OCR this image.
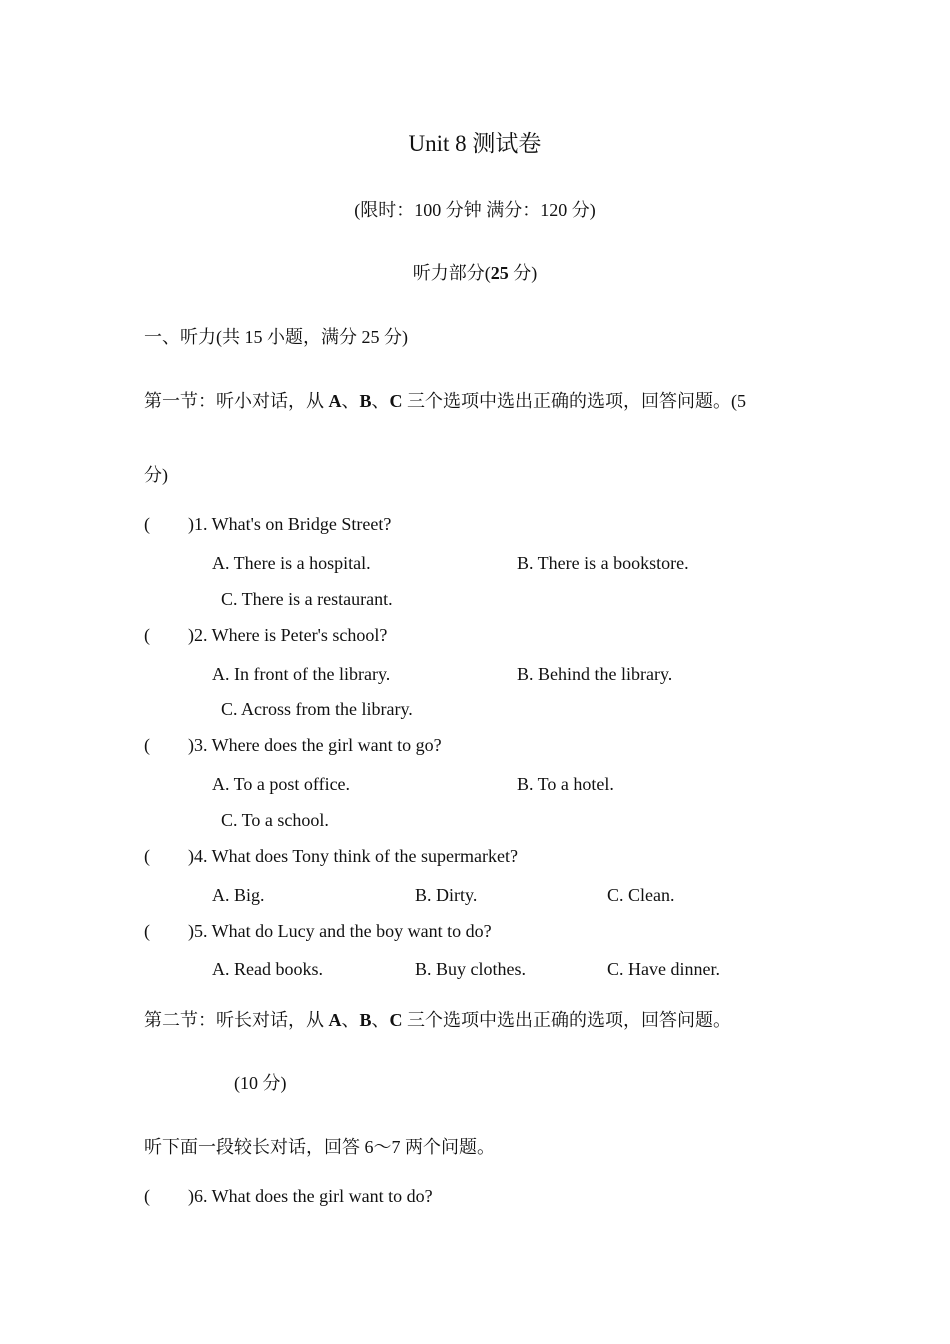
Unit 8 测试卷
(限时：100 分钟 满分：120 分)
听力部分(25 分)
一、听力(共 15 小题，满分 25 分)
第一节：听小对话，从 A、B、C 三个选项中选出正确的选项，回答问题。(5
分)
( )1. What's on Bridge Street?
A. There is a hospital.	B. There is a bookstore.
C. There is a restaurant.
( )2. Where is Peter's school?
A. In front of the library.	B. Behind the library.
C. Across from the library.
( )3. Where does the girl want to go?
A. To a post office.	B. To a hotel.
C. To a school.
( )4. What does Tony think of the supermarket?
A. Big.	B. Dirty.	C. Clean.
( )5. What do Lucy and the boy want to do?
A. Read books.	B. Buy clothes.	C. Have dinner.
第二节：听长对话，从 A、B、C 三个选项中选出正确的选项，回答问题。
(10 分)
听下面一段较长对话，回答 6～7 两个问题。
( )6. What does the girl want to do?
